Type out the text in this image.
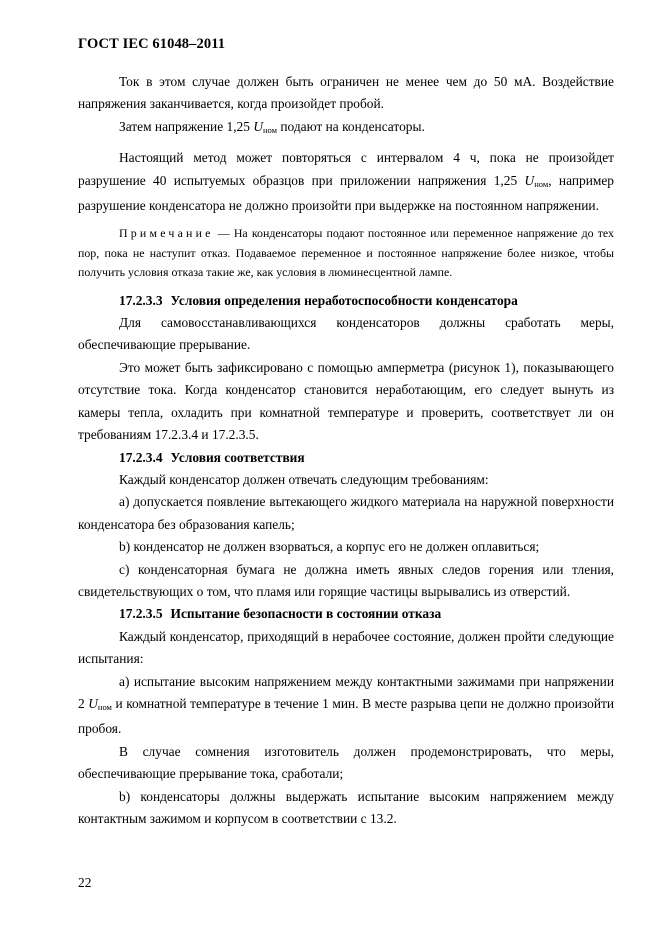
ГОСТ IEC 61048–2011

Ток в этом случае должен быть ограничен не менее чем до 50 мА. Воздействие напряжения заканчивается, когда произойдет пробой.

Затем напряжение 1,25 $U_{ном}$ подают на конденсаторы.

Настоящий метод может повторяться с интервалом 4 ч, пока не произойдет разрушение 40 испытуемых образцов при приложении напряжения 1,25 $U_{ном}$, например разрушение конденсатора не должно произойти при выдержке на постоянном напряжении.

Примечание — На конденсаторы подают постоянное или переменное напряжение до тех пор, пока не наступит отказ. Подаваемое переменное и постоянное напряжение более низкое, чтобы получить условия отказа такие же, как условия в люминесцентной лампе.

17.2.3.3 Условия определения неработоспособности конденсатора

Для самовосстанавливающихся конденсаторов должны сработать меры, обеспечивающие прерывание.

Это может быть зафиксировано с помощью амперметра (рисунок 1), показывающего отсутствие тока. Когда конденсатор становится неработающим, его следует вынуть из камеры тепла, охладить при комнатной температуре и проверить, соответствует ли он требованиям 17.2.3.4 и 17.2.3.5.

17.2.3.4 Условия соответствия

Каждый конденсатор должен отвечать следующим требованиям:

a) допускается появление вытекающего жидкого материала на наружной поверхности конденсатора без образования капель;

b) конденсатор не должен взорваться, а корпус его не должен оплавиться;

c) конденсаторная бумага не должна иметь явных следов горения или тления, свидетельствующих о том, что пламя или горящие частицы вырывались из отверстий.

17.2.3.5 Испытание безопасности в состоянии отказа

Каждый конденсатор, приходящий в нерабочее состояние, должен пройти следующие испытания:

a) испытание высоким напряжением между контактными зажимами при напряжении 2 $U_{ном}$ и комнатной температуре в течение 1 мин. В месте разрыва цепи не должно произойти пробоя.

В случае сомнения изготовитель должен продемонстрировать, что меры, обеспечивающие прерывание тока, сработали;

b) конденсаторы должны выдержать испытание высоким напряжением между контактным зажимом и корпусом в соответствии с 13.2.

22
